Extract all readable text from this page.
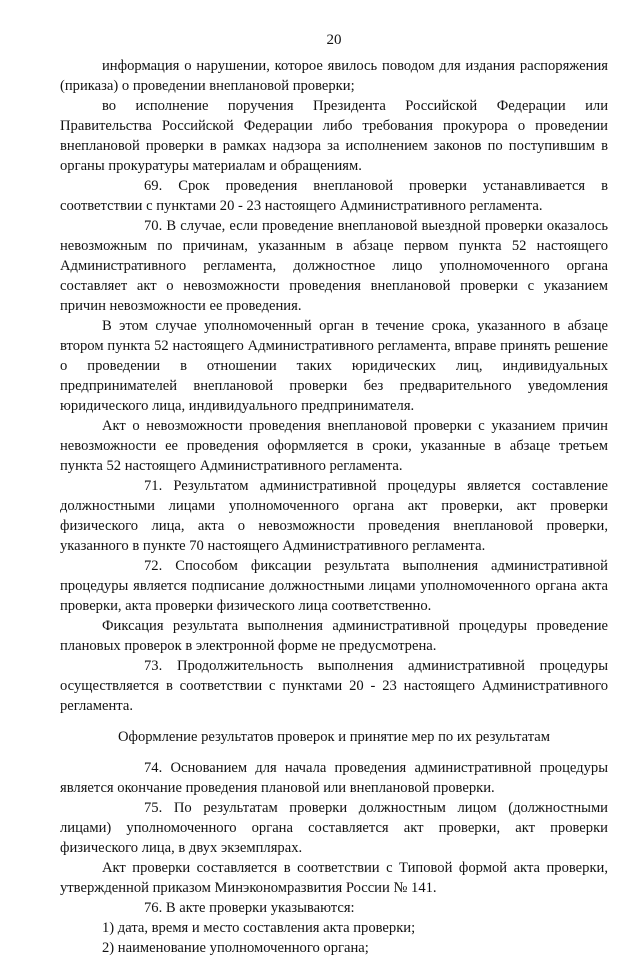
20

информация о нарушении, которое явилось поводом для издания распоряжения (приказа) о проведении внеплановой проверки;

во исполнение поручения Президента Российской Федерации или Правительства Российской Федерации либо требования прокурора о проведении внеплановой проверки в рамках надзора за исполнением законов по поступившим в органы прокуратуры материалам и обращениям.

69. Срок проведения внеплановой проверки устанавливается в соответствии с пунктами 20 - 23 настоящего Административного регламента.

70. В случае, если проведение внеплановой выездной проверки оказалось невозможным по причинам, указанным в абзаце первом пункта 52 настоящего Административного регламента, должностное лицо уполномоченного органа составляет акт о невозможности проведения внеплановой проверки с указанием причин невозможности ее проведения.

В этом случае уполномоченный орган в течение срока, указанного в абзаце втором пункта 52 настоящего Административного регламента, вправе принять решение о проведении в отношении таких юридических лиц, индивидуальных предпринимателей внеплановой проверки без предварительного уведомления юридического лица, индивидуального предпринимателя.

Акт о невозможности проведения внеплановой проверки с указанием причин невозможности ее проведения оформляется в сроки, указанные в абзаце третьем пункта 52 настоящего Административного регламента.

71. Результатом административной процедуры является составление должностными лицами уполномоченного органа акт проверки, акт проверки физического лица, акта о невозможности проведения внеплановой проверки, указанного в пункте 70 настоящего Административного регламента.

72. Способом фиксации результата выполнения административной процедуры является подписание должностными лицами уполномоченного органа акта проверки, акта проверки физического лица соответственно.

Фиксация результата выполнения административной процедуры проведение плановых проверок в электронной форме не предусмотрена.

73. Продолжительность выполнения административной процедуры осуществляется в соответствии с пунктами 20 - 23 настоящего Административного регламента.

Оформление результатов проверок и принятие мер по их результатам

74. Основанием для начала проведения административной процедуры является окончание проведения плановой или внеплановой проверки.

75. По результатам проверки должностным лицом (должностными лицами) уполномоченного органа составляется акт проверки, акт проверки физического лица, в двух экземплярах.

Акт проверки составляется в соответствии с Типовой формой акта проверки, утвержденной приказом Минэкономразвития России № 141.

76. В акте проверки указываются:

1) дата, время и место составления акта проверки;

2) наименование уполномоченного органа;
